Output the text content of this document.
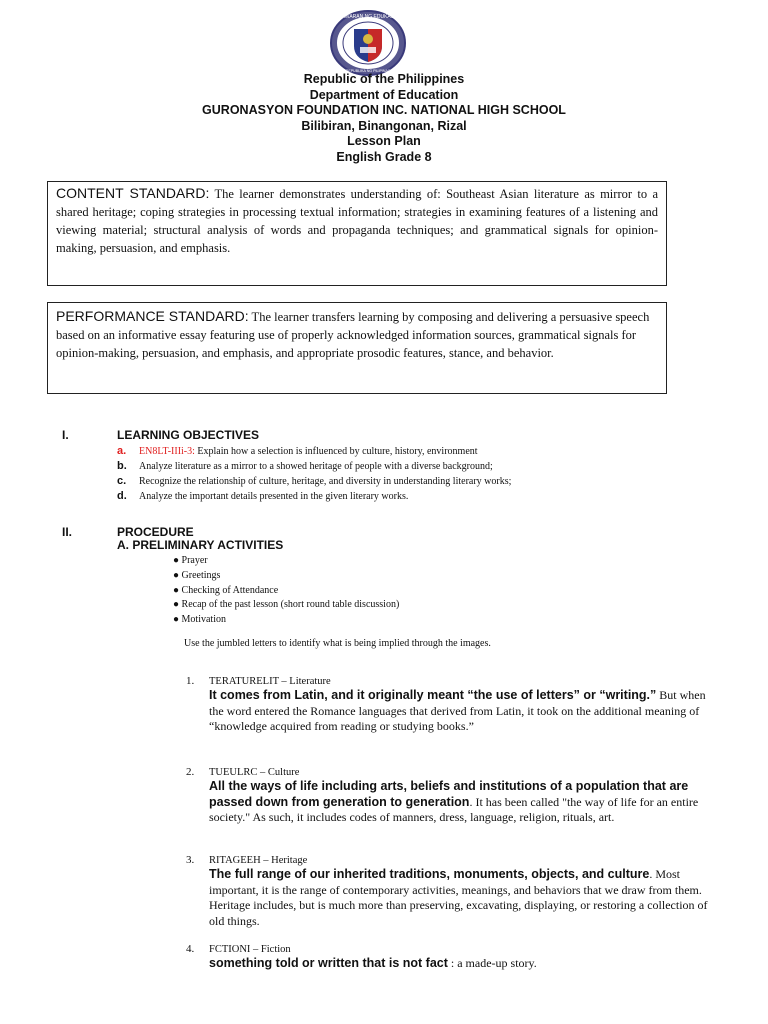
KAGAWARAN NG EDUKASYON
REPUBLIKA NG PILIPINAS
Republic of the Philippines
Department of Education
GURONASYON FOUNDATION INC. NATIONAL HIGH SCHOOL
Bilibiran, Binangonan, Rizal
Lesson Plan
English Grade 8
CONTENT STANDARD: The learner demonstrates understanding of: Southeast Asian literature as mirror to a shared heritage; coping strategies in processing textual information; strategies in examining features of a listening and viewing material; structural analysis of words and propaganda techniques; and grammatical signals for opinion- making, persuasion, and emphasis.
PERFORMANCE STANDARD: The learner transfers learning by composing and delivering a persuasive speech based on an informative essay featuring use of properly acknowledged information sources, grammatical signals for opinion-making, persuasion, and emphasis, and appropriate prosodic features, stance, and behavior.
I.	LEARNING OBJECTIVES
a.	EN8LT-IIIi-3: Explain how a selection is influenced by culture, history, environment
b.	Analyze literature as a mirror to a showed heritage of people with a diverse background;
c.	Recognize the relationship of culture, heritage, and diversity in understanding literary works;
d.	Analyze the important details presented in the given literary works.
II.	PROCEDURE
A. PRELIMINARY ACTIVITIES
● Prayer
● Greetings
● Checking of Attendance
● Recap of the past lesson (short round table discussion)
● Motivation
Use the jumbled letters to identify what is being implied through the images.
1. TERATURELIT – Literature
It comes from Latin, and it originally meant “the use of letters” or “writing.” But when the word entered the Romance languages that derived from Latin, it took on the additional meaning of “knowledge acquired from reading or studying books.”
2. TUEULRC – Culture
All the ways of life including arts, beliefs and institutions of a population that are passed down from generation to generation. It has been called "the way of life for an entire society." As such, it includes codes of manners, dress, language, religion, rituals, art.
3. RITAGEEH – Heritage
The full range of our inherited traditions, monuments, objects, and culture. Most important, it is the range of contemporary activities, meanings, and behaviors that we draw from them. Heritage includes, but is much more than preserving, excavating, displaying, or restoring a collection of old things.
4. FCTIONI – Fiction
something told or written that is not fact : a made-up story.
